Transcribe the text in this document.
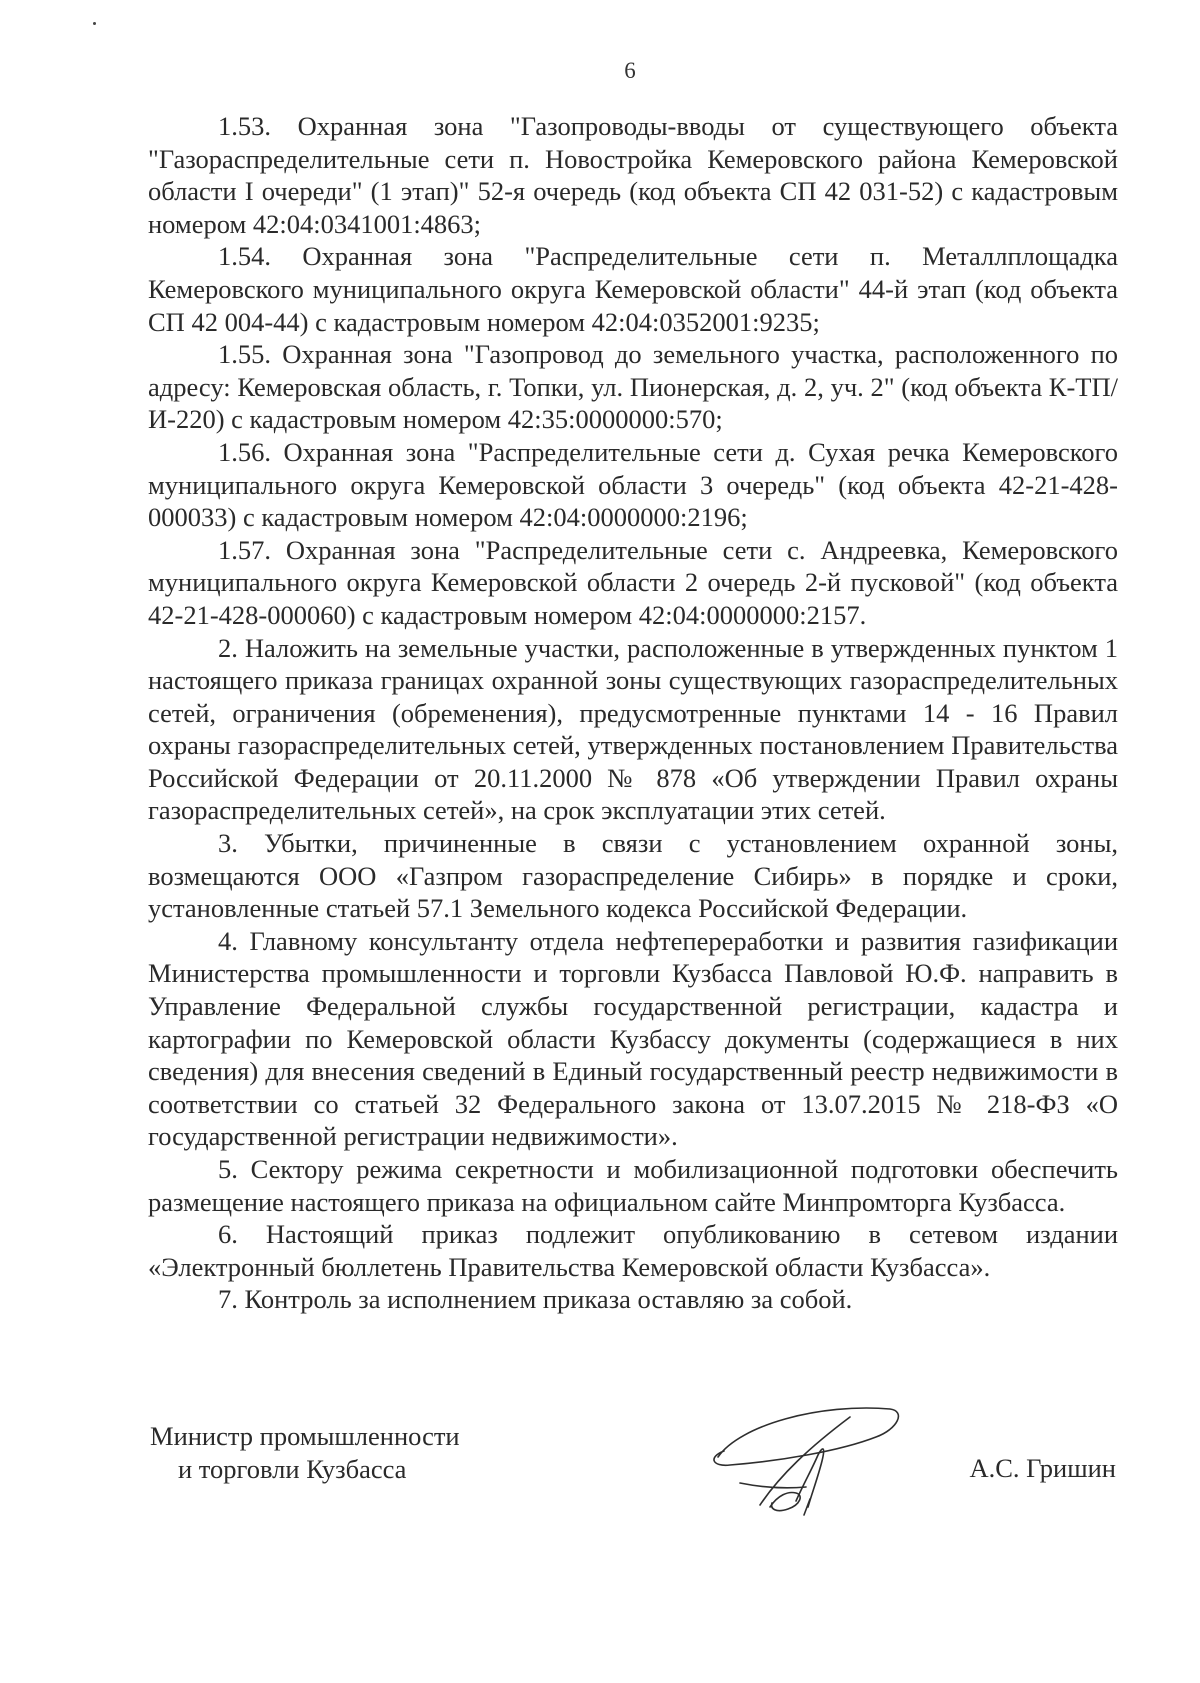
6

1.53. Охранная зона "Газопроводы-вводы от существующего объекта "Газораспределительные сети п. Новостройка Кемеровского района Кемеровской области I очереди" (1 этап)" 52-я очередь (код объекта СП 42 031-52) с кадастровым номером 42:04:0341001:4863;

1.54. Охранная зона "Распределительные сети п. Металлплощадка Кемеровского муниципального округа Кемеровской области" 44-й этап (код объекта СП 42 004-44) с кадастровым номером 42:04:0352001:9235;

1.55. Охранная зона "Газопровод до земельного участка, расположенного по адресу: Кемеровская область, г. Топки, ул. Пионерская, д. 2, уч. 2" (код объекта К-ТП/И-220) с кадастровым номером 42:35:0000000:570;

1.56. Охранная зона "Распределительные сети д. Сухая речка Кемеровского муниципального округа Кемеровской области 3 очередь" (код объекта 42-21-428-000033) с кадастровым номером 42:04:0000000:2196;

1.57. Охранная зона "Распределительные сети с. Андреевка, Кемеровского муниципального округа Кемеровской области 2 очередь 2-й пусковой" (код объекта 42-21-428-000060) с кадастровым номером 42:04:0000000:2157.

2. Наложить на земельные участки, расположенные в утвержденных пунктом 1 настоящего приказа границах охранной зоны существующих газораспределительных сетей, ограничения (обременения), предусмотренные пунктами 14 - 16 Правил охраны газораспределительных сетей, утвержденных постановлением Правительства Российской Федерации от 20.11.2000 № 878 «Об утверждении Правил охраны газораспределительных сетей», на срок эксплуатации этих сетей.

3. Убытки, причиненные в связи с установлением охранной зоны, возмещаются ООО «Газпром газораспределение Сибирь» в порядке и сроки, установленные статьей 57.1 Земельного кодекса Российской Федерации.

4. Главному консультанту отдела нефтепереработки и развития газификации Министерства промышленности и торговли Кузбасса Павловой Ю.Ф. направить в Управление Федеральной службы государственной регистрации, кадастра и картографии по Кемеровской области Кузбассу документы (содержащиеся в них сведения) для внесения сведений в Единый государственный реестр недвижимости в соответствии со статьей 32 Федерального закона от 13.07.2015 № 218-ФЗ «О государственной регистрации недвижимости».

5. Сектору режима секретности и мобилизационной подготовки обеспечить размещение настоящего приказа на официальном сайте Минпромторга Кузбасса.

6. Настоящий приказ подлежит опубликованию в сетевом издании «Электронный бюллетень Правительства Кемеровской области Кузбасса».

7. Контроль за исполнением приказа оставляю за собой.

Министр промышленности
и торговли Кузбасса	А.С. Гришин
